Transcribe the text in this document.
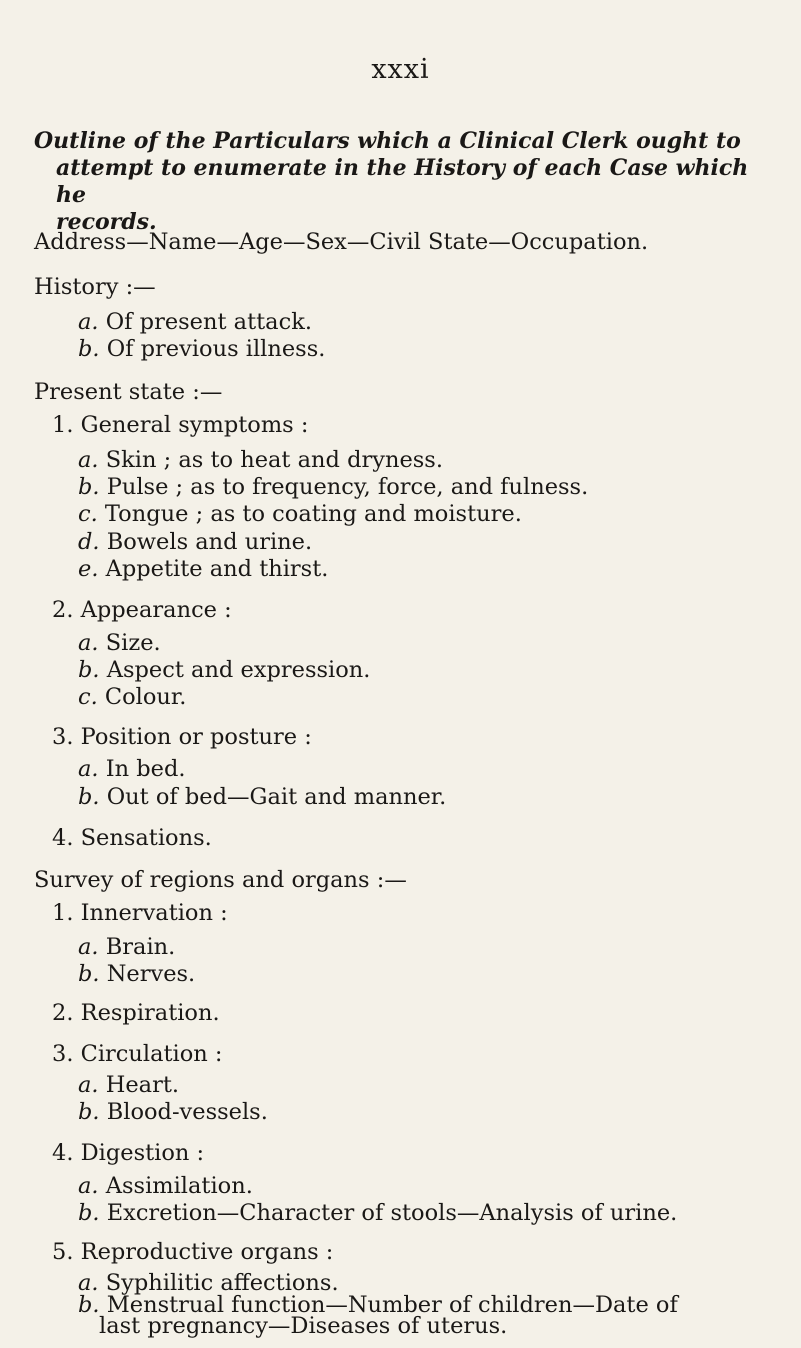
xxxi
Outline of the Particulars which a Clinical Clerk ought to
attempt to enumerate in the History of each Case which he
records.
Address—Name—Age—Sex—Civil State—Occupation.
History :—
a. Of present attack.
b. Of previous illness.
Present state :—
1. General symptoms :
a. Skin ; as to heat and dryness.
b. Pulse ; as to frequency, force, and fulness.
c. Tongue ; as to coating and moisture.
d. Bowels and urine.
e. Appetite and thirst.
2. Appearance :
a. Size.
b. Aspect and expression.
c. Colour.
3. Position or posture :
a. In bed.
b. Out of bed—Gait and manner.
4. Sensations.
Survey of regions and organs :—
1. Innervation :
a. Brain.
b. Nerves.
2. Respiration.
3. Circulation :
a. Heart.
b. Blood-vessels.
4. Digestion :
a. Assimilation.
b. Excretion—Character of stools—Analysis of urine.
5. Reproductive organs :
a. Syphilitic affections.
b. Menstrual function—Number of children—Date of
last pregnancy—Diseases of uterus.
